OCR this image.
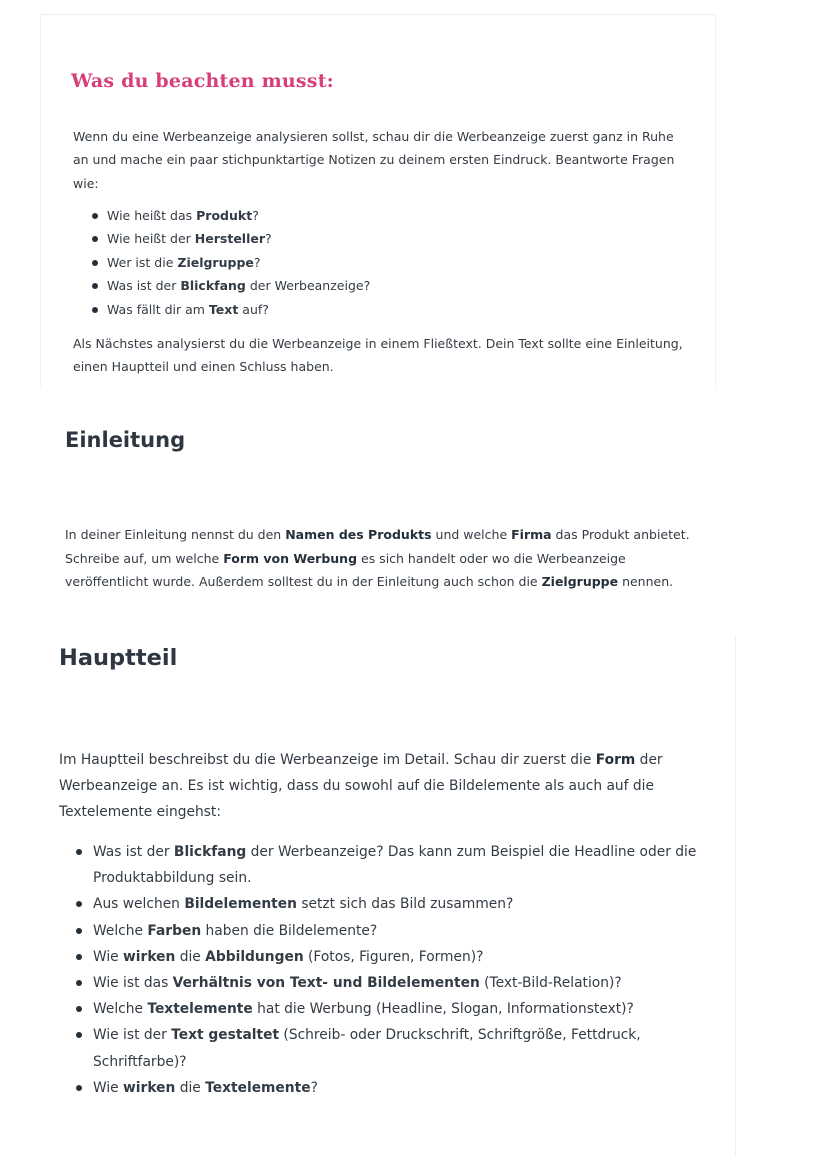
Was du beachten musst:

Wenn du eine Werbeanzeige analysieren sollst, schau dir die Werbeanzeige zuerst ganz in Ruhe an und mache ein paar stichpunktartige Notizen zu deinem ersten Eindruck. Beantworte Fragen wie:

Wie heißt das Produkt?
Wie heißt der Hersteller?
Wer ist die Zielgruppe?
Was ist der Blickfang der Werbeanzeige?
Was fällt dir am Text auf?

Als Nächstes analysierst du die Werbeanzeige in einem Fließtext. Dein Text sollte eine Einleitung, einen Hauptteil und einen Schluss haben.

Einleitung

In deiner Einleitung nennst du den Namen des Produkts und welche Firma das Produkt anbietet. Schreibe auf, um welche Form von Werbung es sich handelt oder wo die Werbeanzeige veröffentlicht wurde. Außerdem solltest du in der Einleitung auch schon die Zielgruppe nennen.

Hauptteil

Im Hauptteil beschreibst du die Werbeanzeige im Detail. Schau dir zuerst die Form der Werbeanzeige an. Es ist wichtig, dass du sowohl auf die Bildelemente als auch auf die Textelemente eingehst:

Was ist der Blickfang der Werbeanzeige? Das kann zum Beispiel die Headline oder die Produktabbildung sein.
Aus welchen Bildelementen setzt sich das Bild zusammen?
Welche Farben haben die Bildelemente?
Wie wirken die Abbildungen (Fotos, Figuren, Formen)?
Wie ist das Verhältnis von Text- und Bildelementen (Text-Bild-Relation)?
Welche Textelemente hat die Werbung (Headline, Slogan, Informationstext)?
Wie ist der Text gestaltet (Schreib- oder Druckschrift, Schriftgröße, Fettdruck, Schriftfarbe)?
Wie wirken die Textelemente?
